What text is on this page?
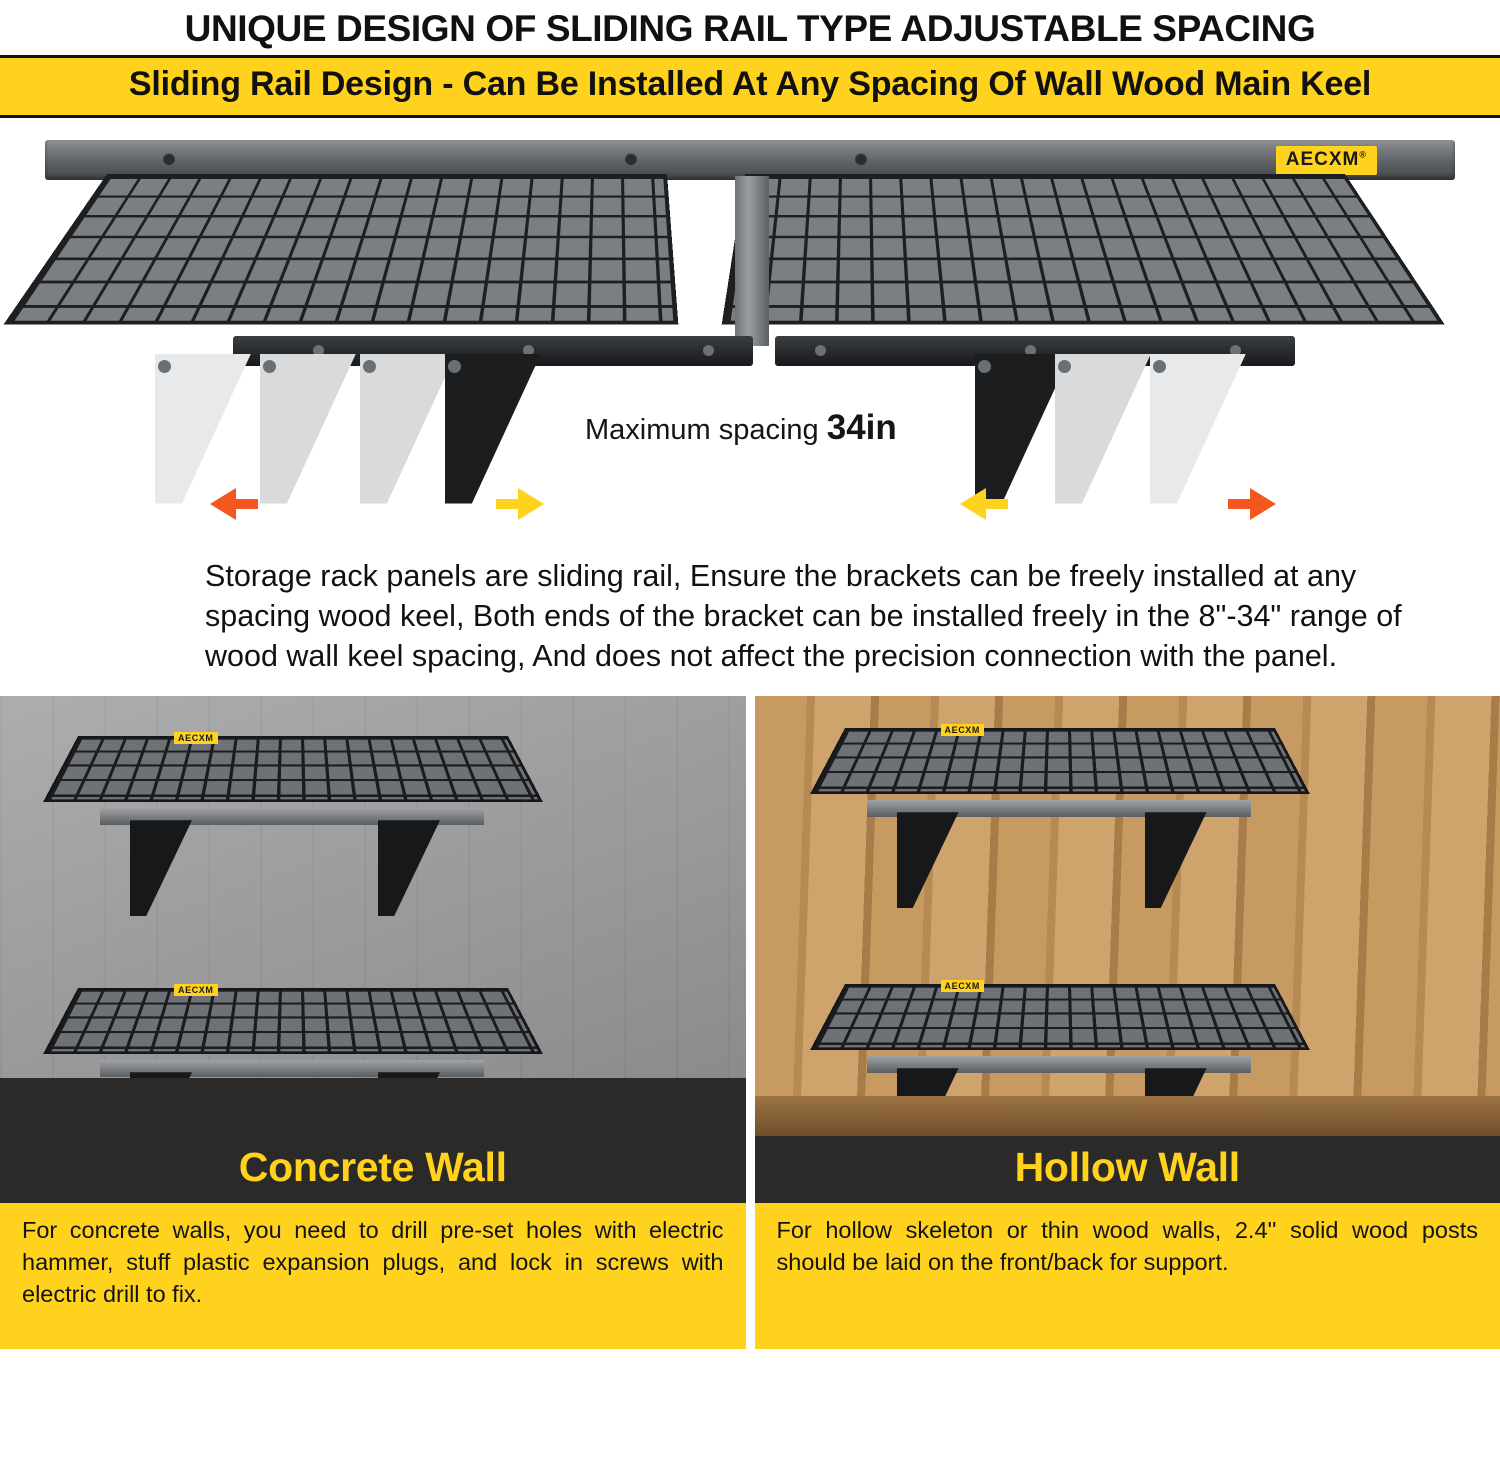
UNIQUE DESIGN OF SLIDING RAIL TYPE ADJUSTABLE SPACING
Sliding Rail Design - Can Be Installed At Any Spacing Of Wall Wood Main Keel
AECXM®
Maximum spacing 34in
Storage rack panels are sliding rail, Ensure the brackets can be freely installed at any spacing wood keel, Both ends of the bracket can be installed freely in the 8"-34" range of wood wall keel spacing, And does not affect the precision connection with the panel.
AECXM
AECXM
Concrete Wall
For concrete walls, you need to drill pre-set holes with electric hammer, stuff plastic expansion plugs, and lock in screws with electric drill to fix.
AECXM
AECXM
Hollow Wall
For hollow skeleton or thin wood walls, 2.4'' solid wood posts should be laid on the front/back for support.
